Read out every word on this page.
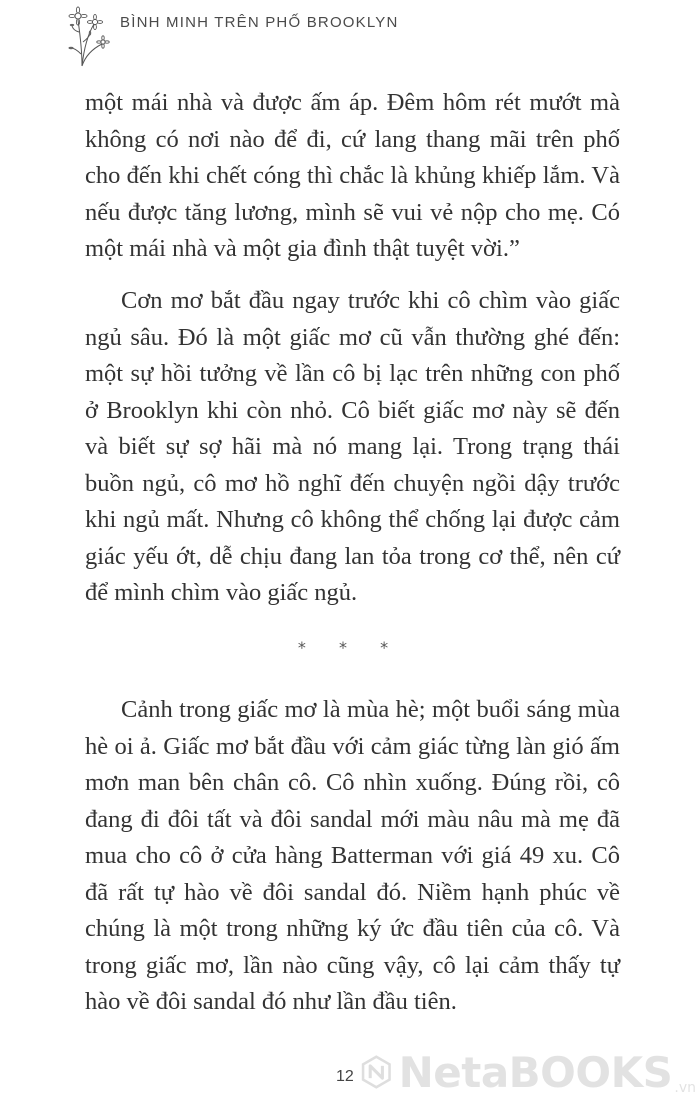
BÌNH MINH TRÊN PHỐ BROOKLYN

một mái nhà và được ấm áp. Đêm hôm rét mướt mà không có nơi nào để đi, cứ lang thang mãi trên phố cho đến khi chết cóng thì chắc là khủng khiếp lắm. Và nếu được tăng lương, mình sẽ vui vẻ nộp cho mẹ. Có một mái nhà và một gia đình thật tuyệt vời.”

Cơn mơ bắt đầu ngay trước khi cô chìm vào giấc ngủ sâu. Đó là một giấc mơ cũ vẫn thường ghé đến: một sự hồi tưởng về lần cô bị lạc trên những con phố ở Brooklyn khi còn nhỏ. Cô biết giấc mơ này sẽ đến và biết sự sợ hãi mà nó mang lại. Trong trạng thái buồn ngủ, cô mơ hồ nghĩ đến chuyện ngồi dậy trước khi ngủ mất. Nhưng cô không thể chống lại được cảm giác yếu ớt, dễ chịu đang lan tỏa trong cơ thể, nên cứ để mình chìm vào giấc ngủ.

* * *

Cảnh trong giấc mơ là mùa hè; một buổi sáng mùa hè oi ả. Giấc mơ bắt đầu với cảm giác từng làn gió ấm mơn man bên chân cô. Cô nhìn xuống. Đúng rồi, cô đang đi đôi tất và đôi sandal mới màu nâu mà mẹ đã mua cho cô ở cửa hàng Batterman với giá 49 xu. Cô đã rất tự hào về đôi sandal đó. Niềm hạnh phúc về chúng là một trong những ký ức đầu tiên của cô. Và trong giấc mơ, lần nào cũng vậy, cô lại cảm thấy tự hào về đôi sandal đó như lần đầu tiên.

12 NetaBOOKS .vn
